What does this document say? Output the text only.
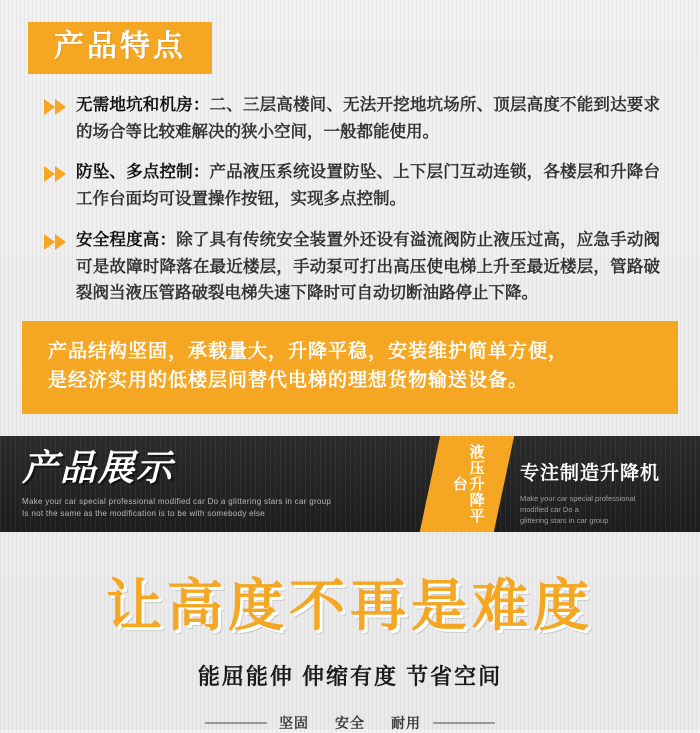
产品特点
无需地坑和机房：二、三层高楼间、无法开挖地坑场所、顶层高度不能到达要求的场合等比较难解决的狭小空间，一般都能使用。
防坠、多点控制：产品液压系统设置防坠、上下层门互动连锁，各楼层和升降台工作台面均可设置操作按钮，实现多点控制。
安全程度高：除了具有传统安全装置外还设有溢流阀防止液压过高，应急手动阀可是故障时降落在最近楼层，手动泵可打出高压使电梯上升至最近楼层，管路破裂阀当液压管路破裂电梯失速下降时可自动切断油路停止下降。
产品结构坚固，承载量大，升降平稳，安装维护简单方便，
是经济实用的低楼层间替代电梯的理想货物输送设备。
产品展示
Make your car special professional modified car Do a glittering stars in car group
Is not the same as the modification is to be with somebody else	液压升降平台	专注制造升降机
Make your car special professional modified car Do a
glittering stars in car group
让高度不再是难度
能屈能伸 伸缩有度 节省空间
坚固 安全 耐用
